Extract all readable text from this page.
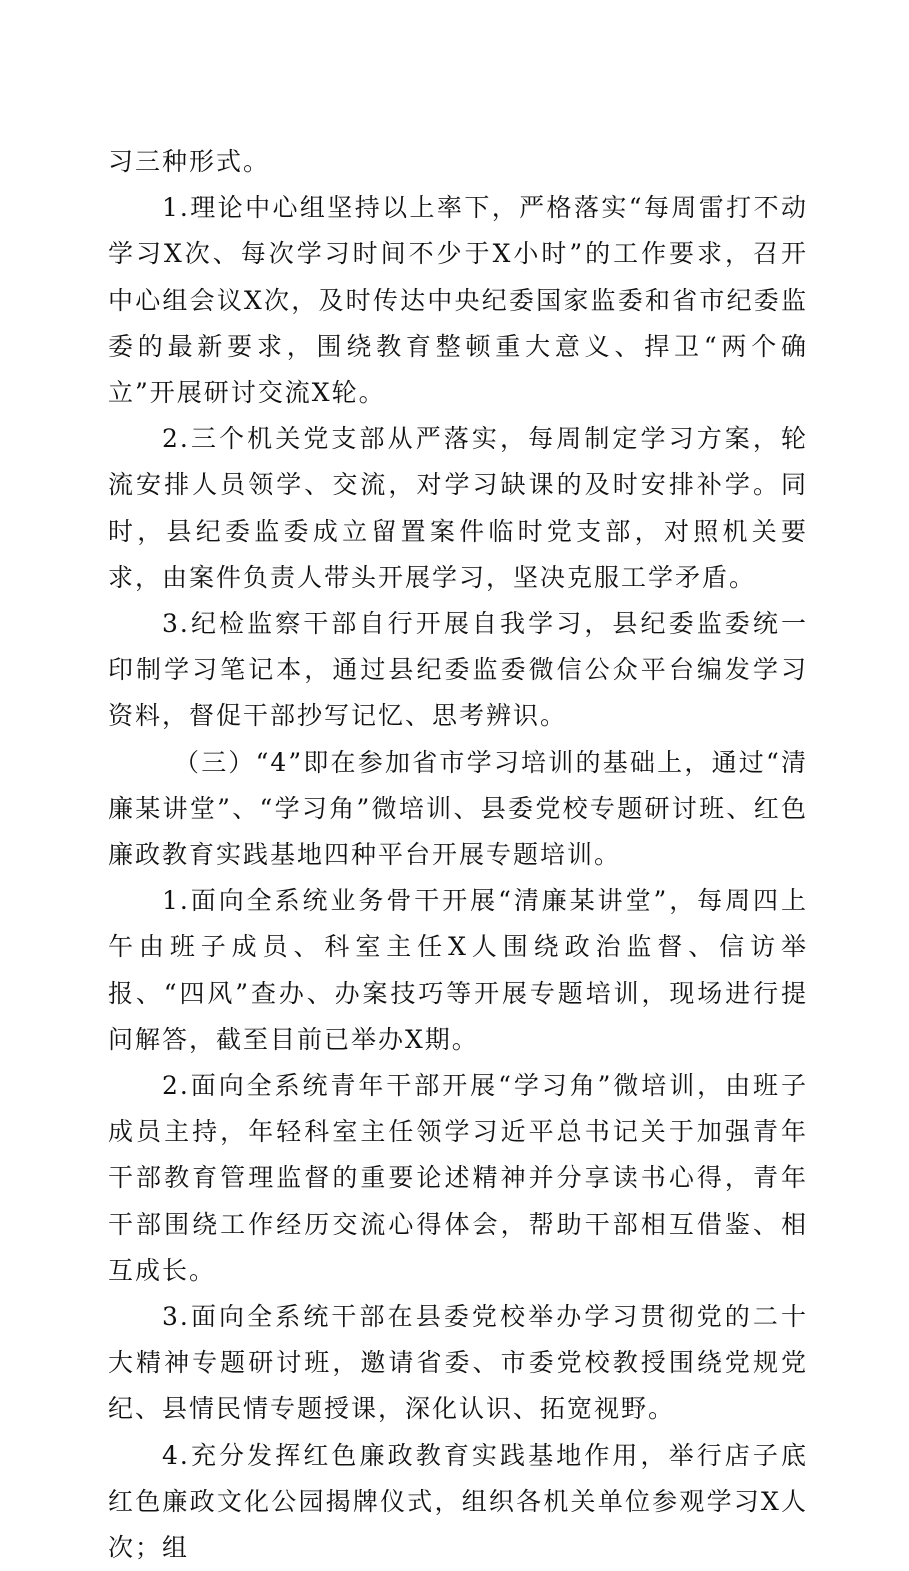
习三种形式。

1.理论中心组坚持以上率下，严格落实“每周雷打不动学习X次、每次学习时间不少于X小时”的工作要求，召开中心组会议X次，及时传达中央纪委国家监委和省市纪委监委的最新要求，围绕教育整顿重大意义、捍卫“两个确立”开展研讨交流X轮。

2.三个机关党支部从严落实，每周制定学习方案，轮流安排人员领学、交流，对学习缺课的及时安排补学。同时，县纪委监委成立留置案件临时党支部，对照机关要求，由案件负责人带头开展学习，坚决克服工学矛盾。

3.纪检监察干部自行开展自我学习，县纪委监委统一印制学习笔记本，通过县纪委监委微信公众平台编发学习资料，督促干部抄写记忆、思考辨识。

（三）“4”即在参加省市学习培训的基础上，通过“清廉某讲堂”、“学习角”微培训、县委党校专题研讨班、红色廉政教育实践基地四种平台开展专题培训。

1.面向全系统业务骨干开展“清廉某讲堂”，每周四上午由班子成员、科室主任X人围绕政治监督、信访举报、“四风”查办、办案技巧等开展专题培训，现场进行提问解答，截至目前已举办X期。

2.面向全系统青年干部开展“学习角”微培训，由班子成员主持，年轻科室主任领学习近平总书记关于加强青年干部教育管理监督的重要论述精神并分享读书心得，青年干部围绕工作经历交流心得体会，帮助干部相互借鉴、相互成长。

3.面向全系统干部在县委党校举办学习贯彻党的二十大精神专题研讨班，邀请省委、市委党校教授围绕党规党纪、县情民情专题授课，深化认识、拓宽视野。

4.充分发挥红色廉政教育实践基地作用，举行店子底红色廉政文化公园揭牌仪式，组织各机关单位参观学习X人次；组
